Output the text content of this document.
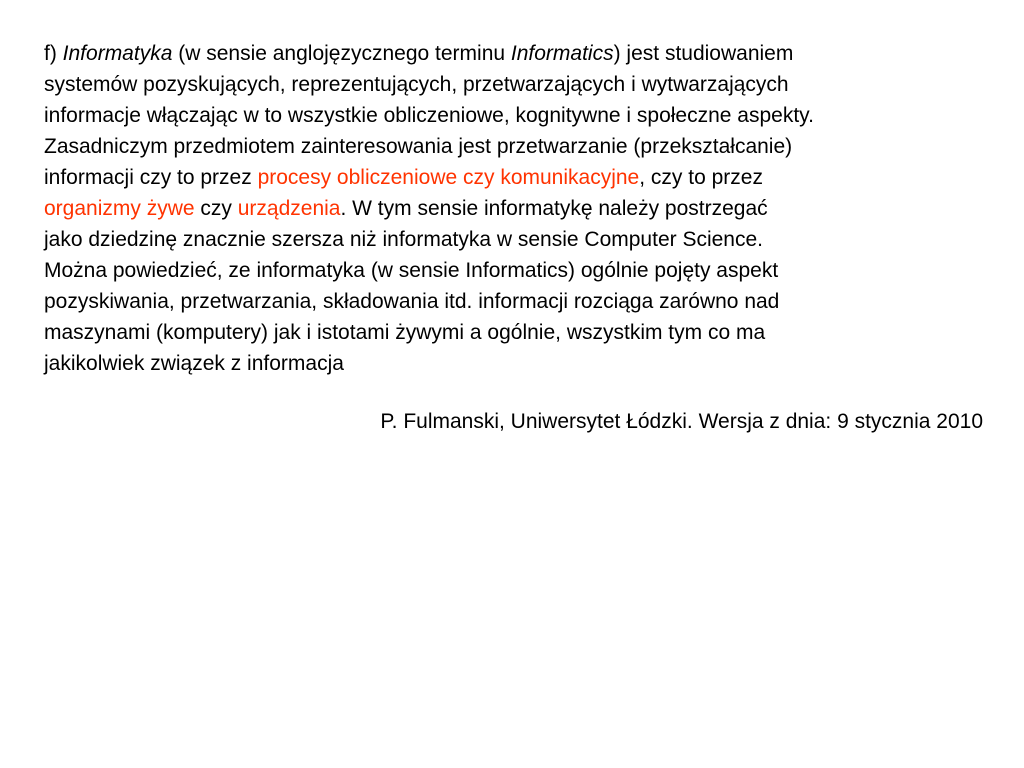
f) Informatyka (w sensie anglojęzycznego terminu Informatics) jest studiowaniem
systemów pozyskujących, reprezentujących, przetwarzających i wytwarzających
informacje włączając w to wszystkie obliczeniowe, kognitywne i społeczne aspekty.
Zasadniczym przedmiotem zainteresowania jest przetwarzanie (przekształcanie)
informacji czy to przez procesy obliczeniowe czy komunikacyjne, czy to przez
organizmy żywe czy urządzenia. W tym sensie informatykę należy postrzegać
jako dziedzinę znacznie szersza niż informatyka w sensie Computer Science.
Można powiedzieć, ze informatyka (w sensie Informatics) ogólnie pojęty aspekt
pozyskiwania, przetwarzania, składowania itd. informacji rozciąga zarówno nad
maszynami (komputery) jak i istotami żywymi a ogólnie, wszystkim tym co ma
jakikolwiek związek z informacja
P. Fulmanski, Uniwersytet Łódzki. Wersja z dnia: 9 stycznia 2010
